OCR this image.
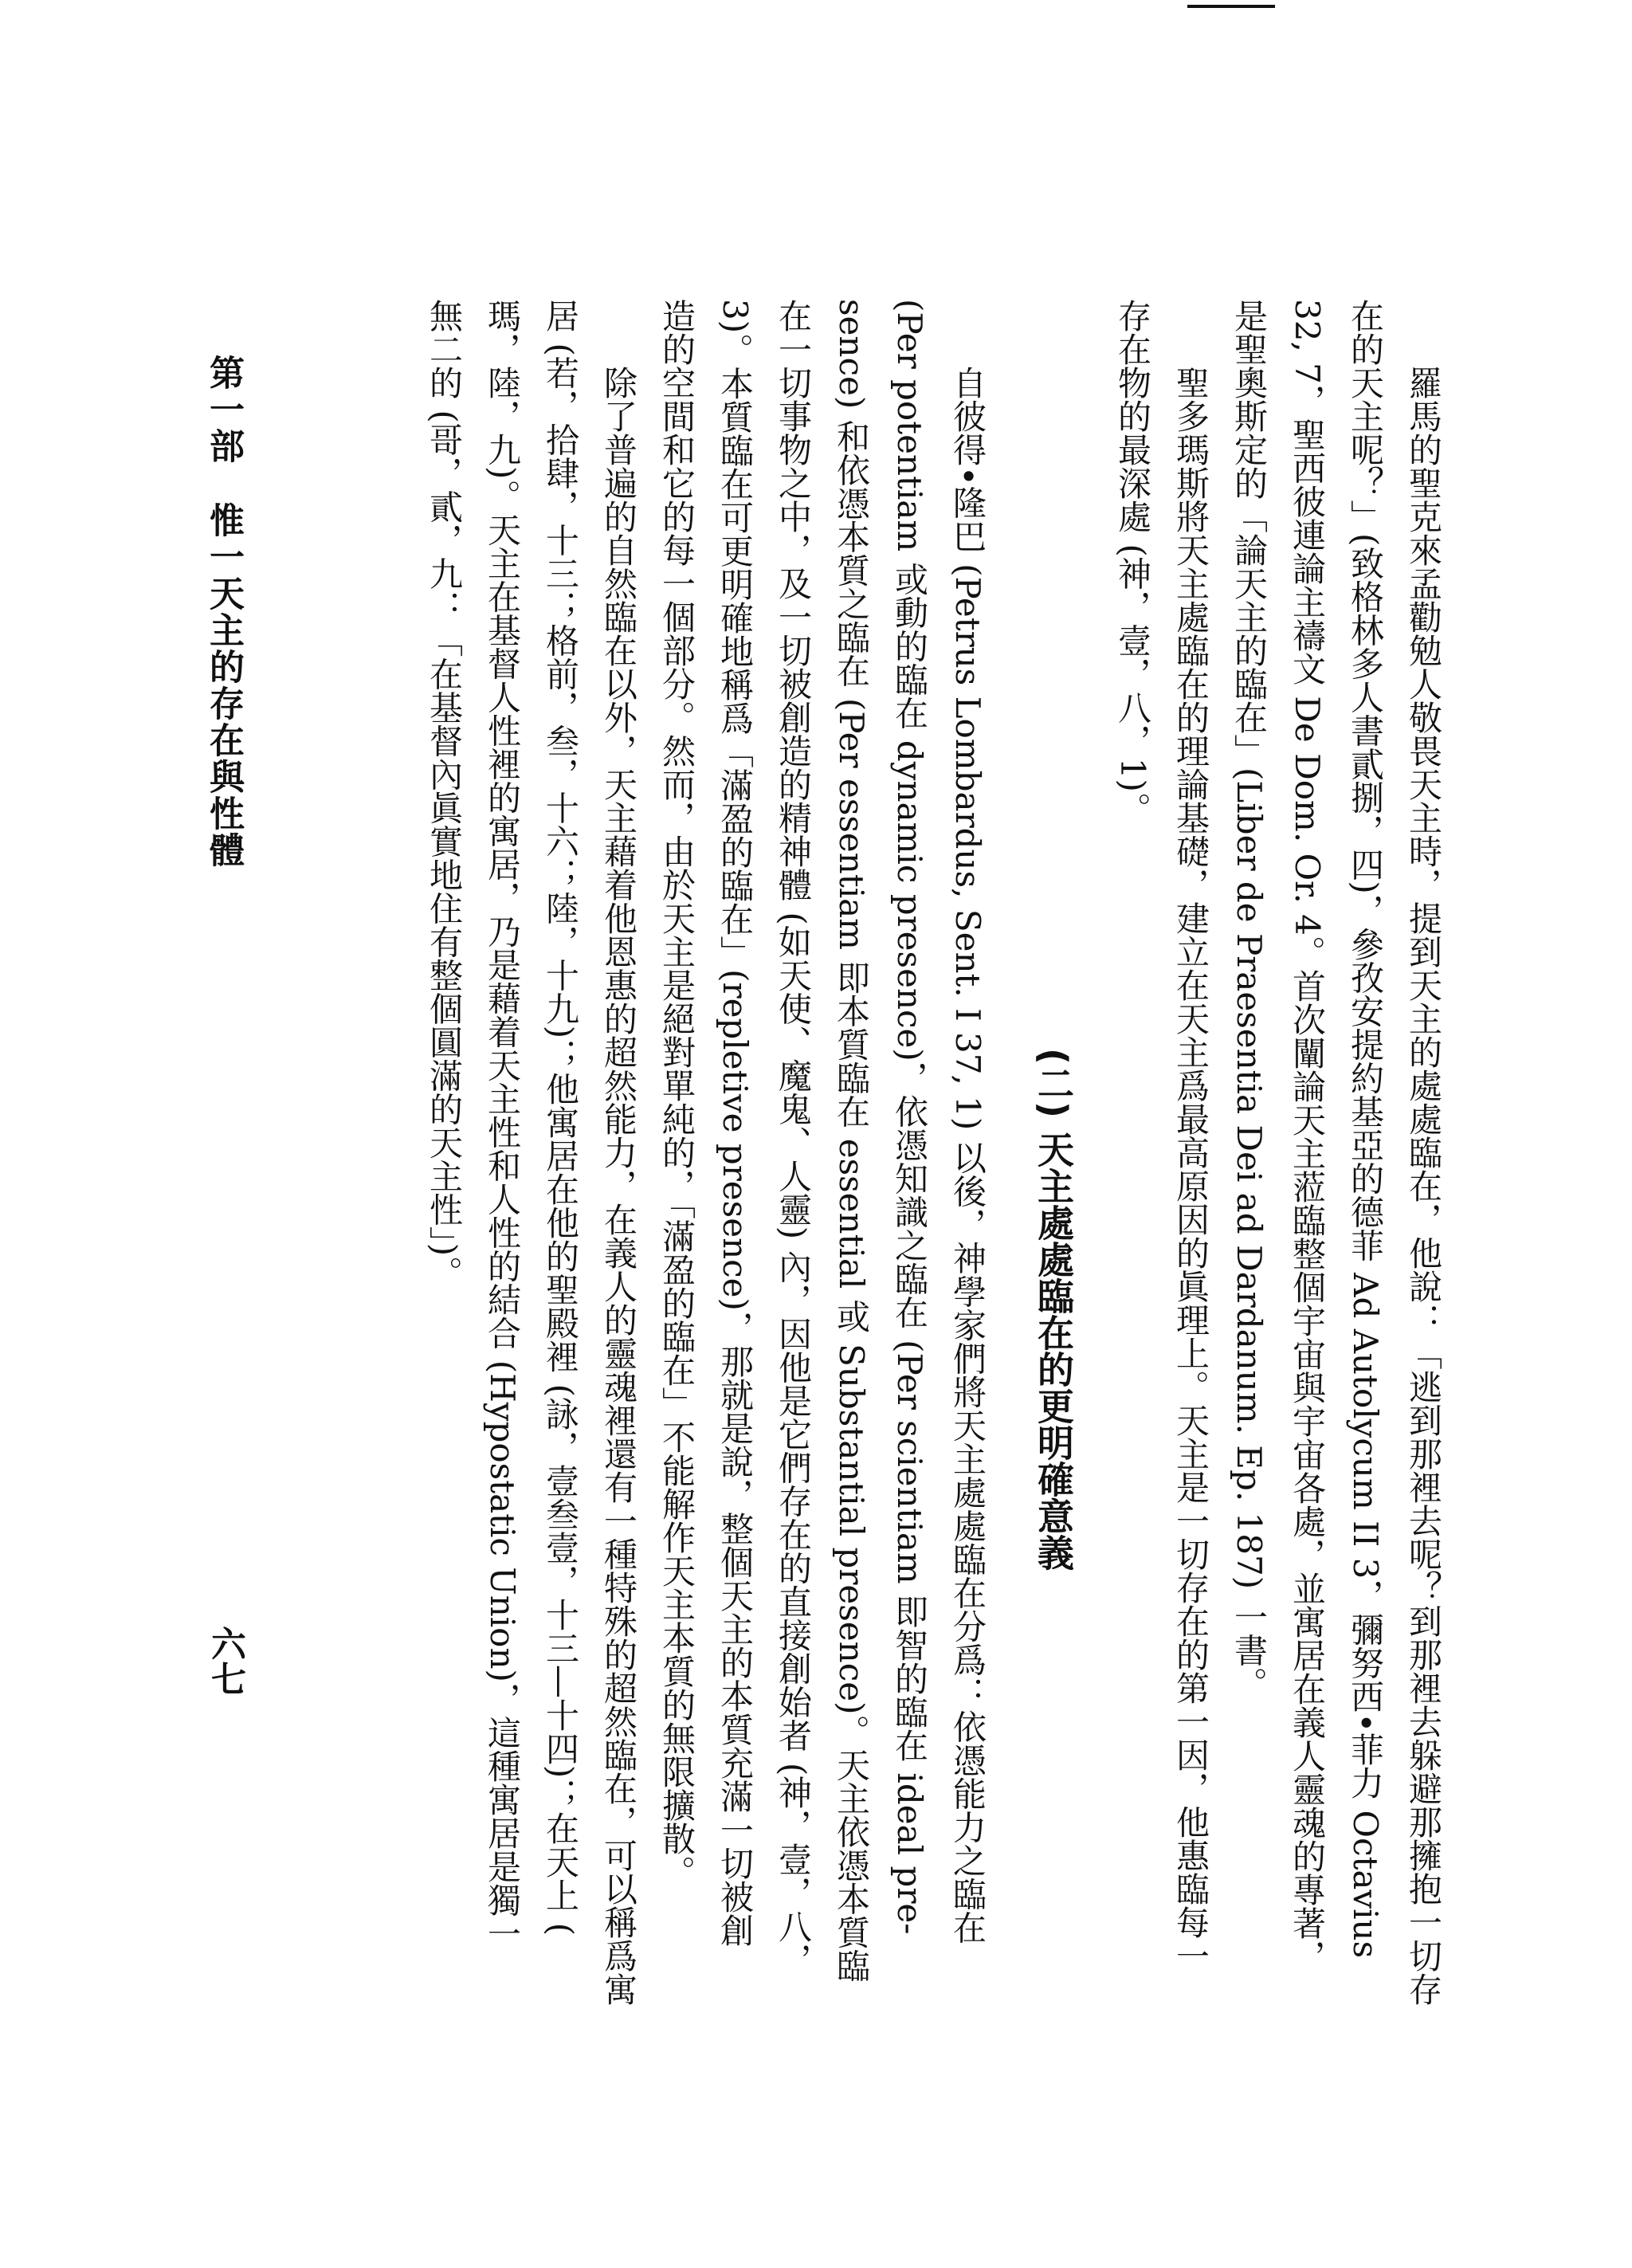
羅馬的聖克來孟勸勉人敬畏天主時，提到天主的處處臨在，他說：「逃到那裡去呢？到那裡去躲避那擁抱一切存
在的天主呢？」(致格林多人書貳捌，四)，參孜安提約基亞的德菲 Ad Autolycum II 3，彌努西•菲力 Octavius
32, 7，聖西彼連論主禱文 De Dom. Or. 4。首次闡論天主蒞臨整個宇宙與宇宙各處，並寓居在義人靈魂的專著，
是聖奧斯定的「論天主的臨在」(Liber de Praesentia Dei ad Dardanum. Ep. 187) 一書。
聖多瑪斯將天主處臨在的理論基礎，建立在天主爲最高原因的眞理上。天主是一切存在的第一因，他惠臨每一
存在物的最深處 (神，壹，八，1)。
(二) 天主處處臨在的更明確意義
自彼得•隆巴 (Petrus Lombardus, Sent. I 37, 1) 以後，神學家們將天主處處臨在分爲：依憑能力之臨在
(Per potentiam 或動的臨在 dynamic presence)，依憑知識之臨在 (Per scientiam 即智的臨在 ideal pre-
sence) 和依憑本質之臨在 (Per essentiam 即本質臨在 essential 或 Substantial presence)。天主依憑本質臨
在一切事物之中，及一切被創造的精神體 (如天使、魔鬼、人靈) 內，因他是它們存在的直接創始者 (神，壹，八，
3)。本質臨在可更明確地稱爲「滿盈的臨在」(repletive presence)，那就是說，整個天主的本質充滿一切被創
造的空間和它的每一個部分。然而，由於天主是絕對單純的，「滿盈的臨在」不能解作天主本質的無限擴散。
除了普遍的自然臨在以外，天主藉着他恩惠的超然能力，在義人的靈魂裡還有一種特殊的超然臨在，可以稱爲寓
居 (若，拾肆，十三；格前，叁，十六；陸，十九)；他寓居在他的聖殿裡 (詠，壹叁壹，十三—十四)；在天上 (
瑪，陸，九)。天主在基督人性裡的寓居，乃是藉着天主性和人性的結合 (Hypostatic Union)，這種寓居是獨一
無二的 (哥，貳，九：「在基督內眞實地住有整個圓滿的天主性」)。
第一部 惟一天主的存在與性體
六七
